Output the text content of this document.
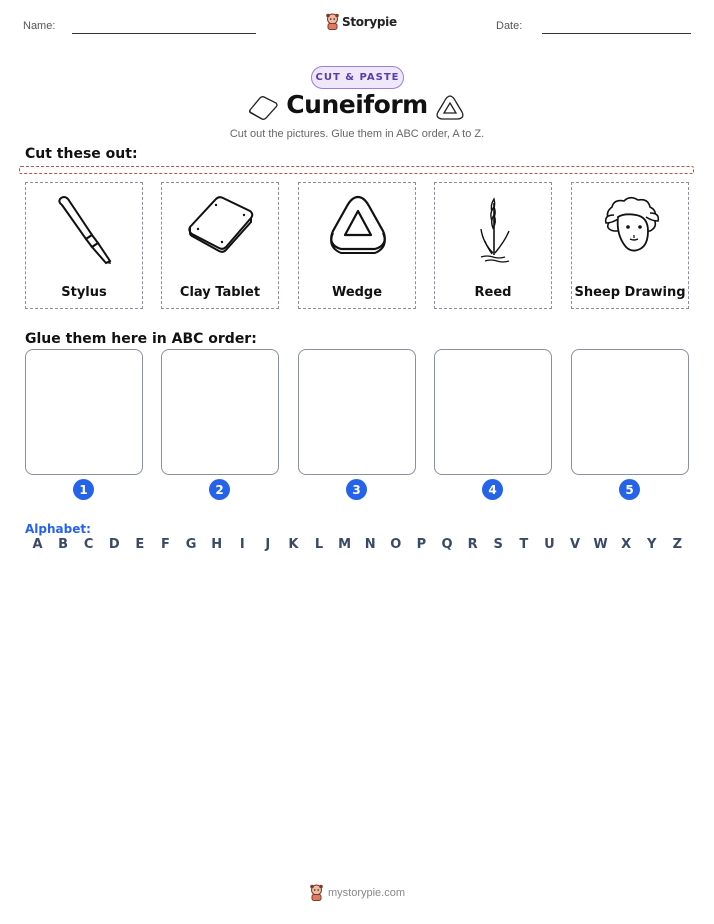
Name:	Storypie	Date:
CUT & PASTE
Cuneiform
Cut out the pictures. Glue them in ABC order, A to Z.
Cut these out:
Stylus	Clay Tablet	Wedge	Reed	Sheep Drawing
Glue them here in ABC order:
1	2	3	4	5
Alphabet:
A	B	C	D	E	F	G	H	I	J	K	L	M	N	O	P	Q	R	S	T	U	V	W	X	Y	Z
mystorypie.com
